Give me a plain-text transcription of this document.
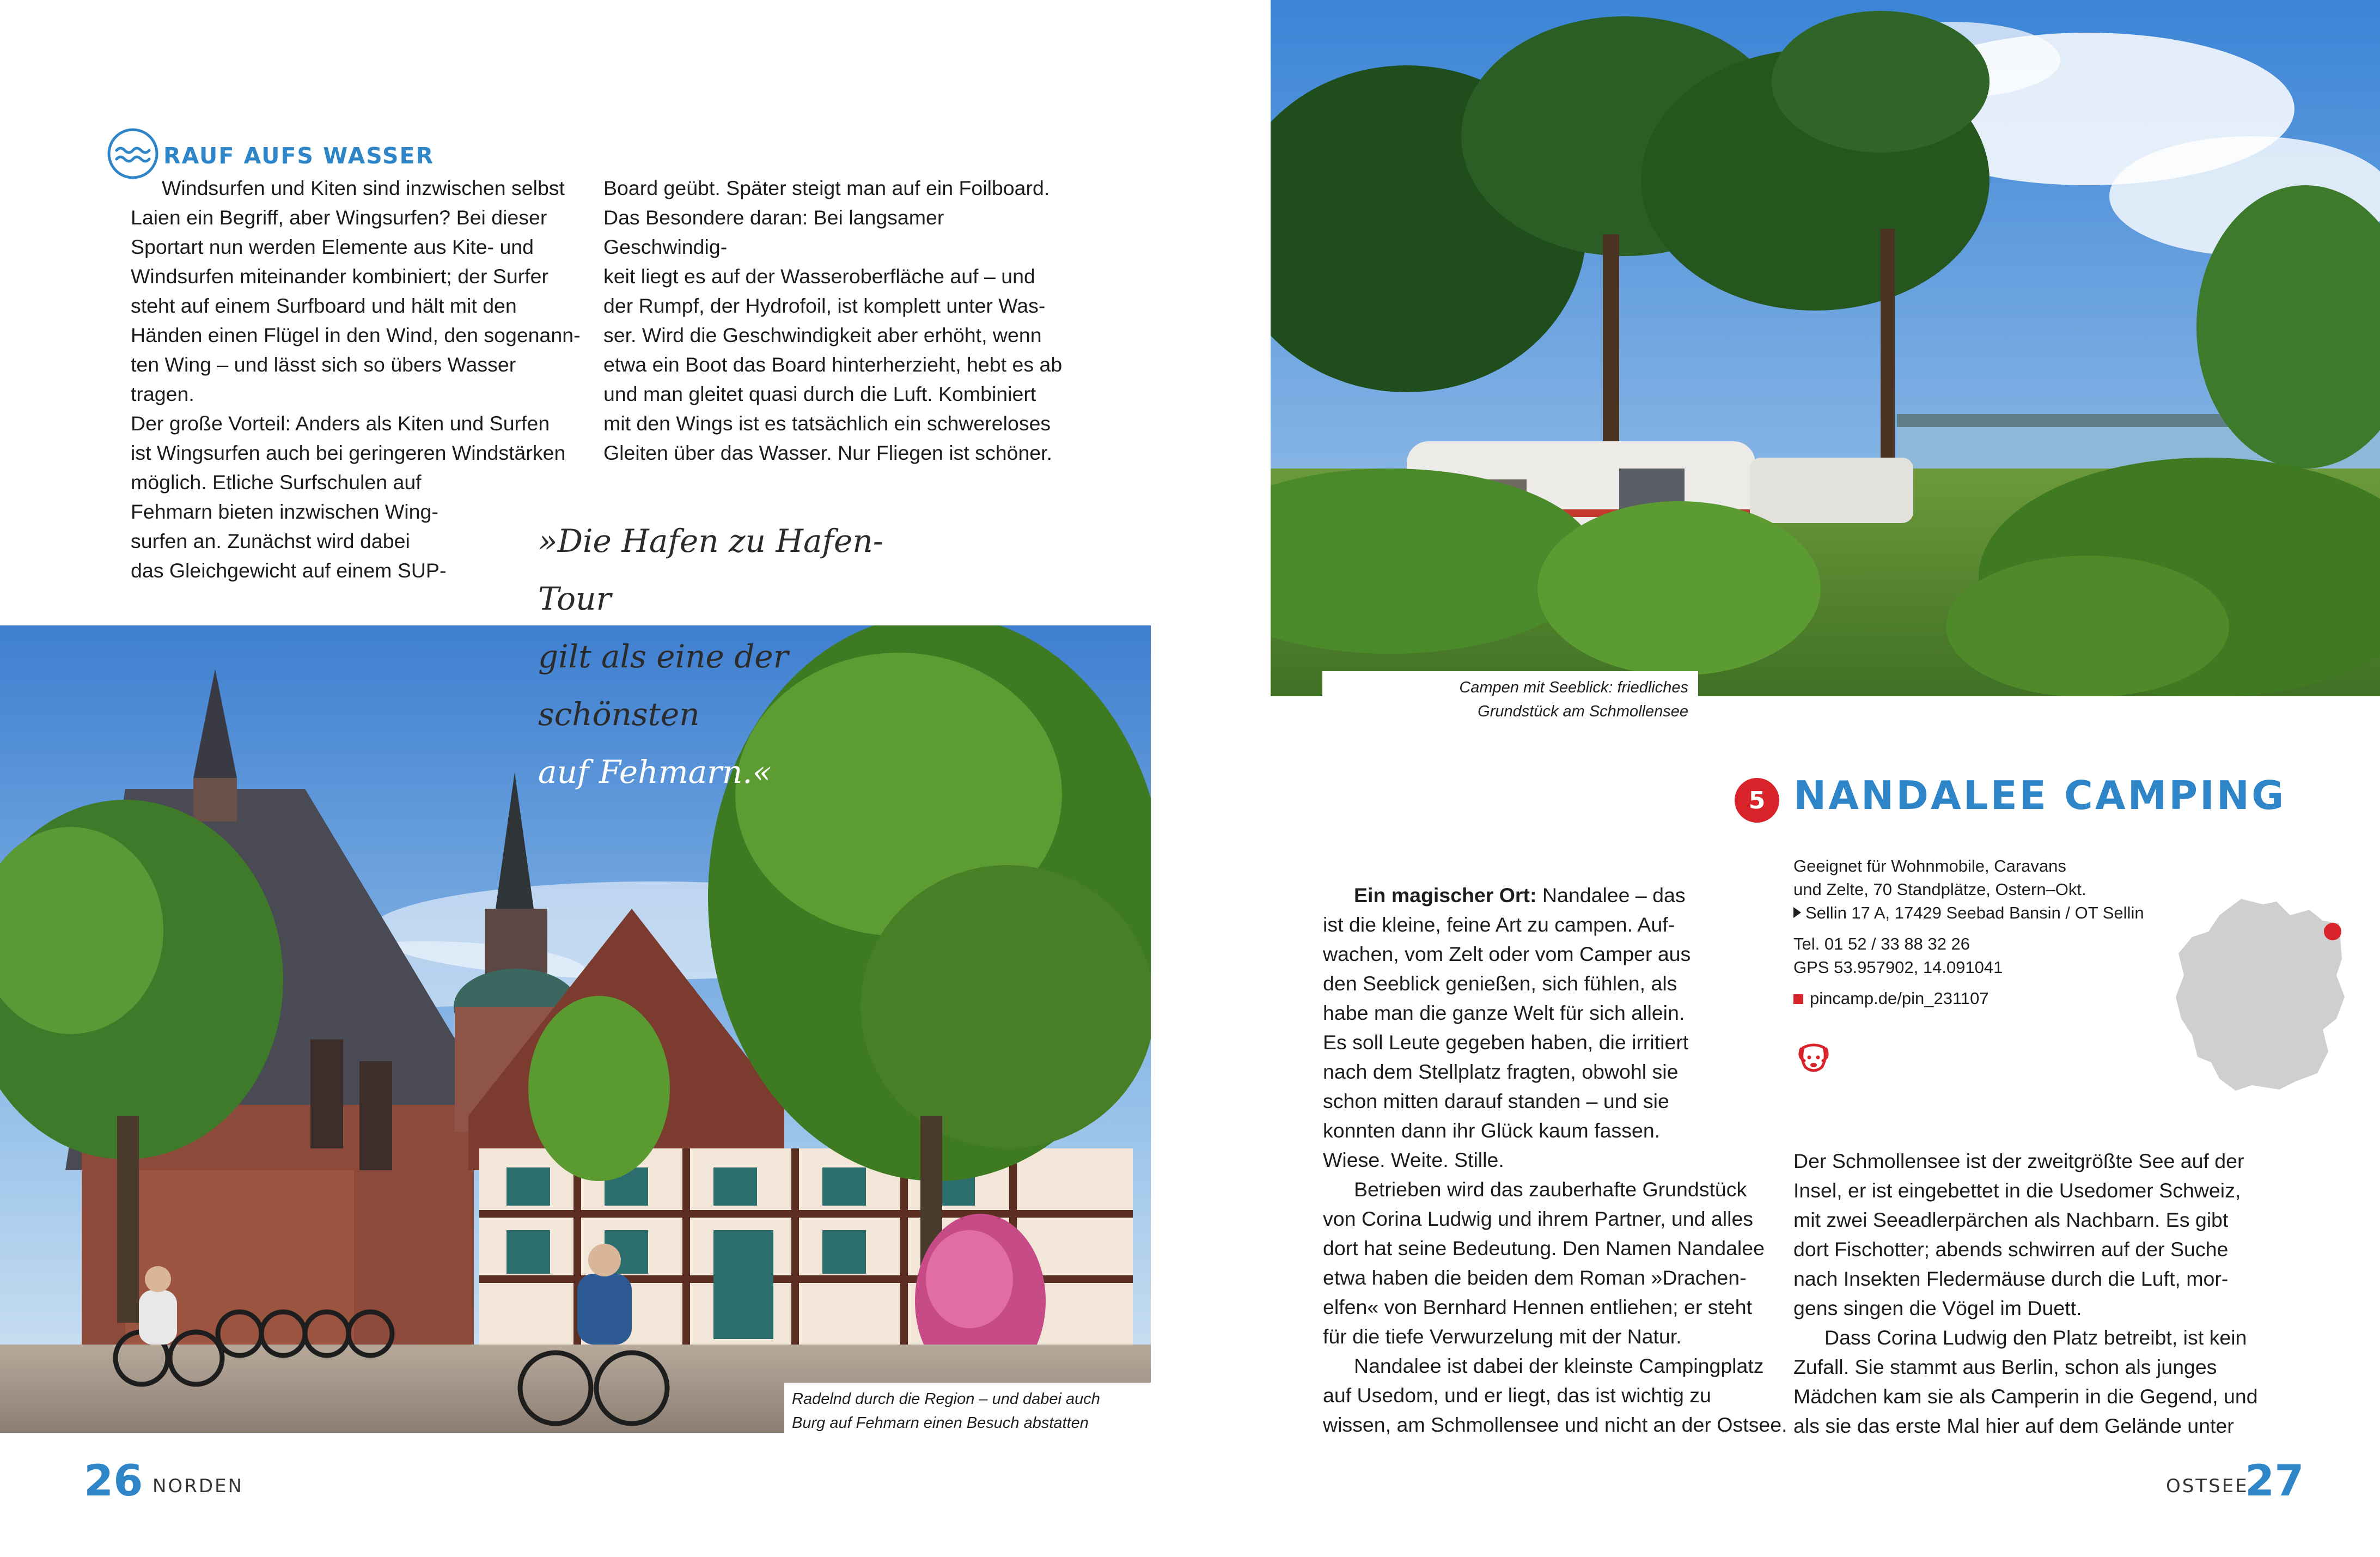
RAUF AUFS WASSER

Windsurfen und Kiten sind inzwischen selbst

Laien ein Begriff, aber Wingsurfen? Bei dieser

Sportart nun werden Elemente aus Kite- und

Windsurfen miteinander kombiniert; der Surfer

steht auf einem Surfboard und hält mit den

Händen einen Flügel in den Wind, den sogenann-

ten Wing – und lässt sich so übers Wasser tragen.

Der große Vorteil: Anders als Kiten und Surfen

ist Wingsurfen auch bei geringeren Windstärken

möglich. Etliche Surfschulen auf

Fehmarn bieten inzwischen Wing-

surfen an. Zunächst wird dabei

das Gleichgewicht auf einem SUP-

Board geübt. Später steigt man auf ein Foilboard.

Das Besondere daran: Bei langsamer Geschwindig-

keit liegt es auf der Wasseroberfläche auf – und

der Rumpf, der Hydrofoil, ist komplett unter Was-

ser. Wird die Geschwindigkeit aber erhöht, wenn

etwa ein Boot das Board hinterherzieht, hebt es ab

und man gleitet quasi durch die Luft. Kombiniert

mit den Wings ist es tatsächlich ein schwereloses

Gleiten über das Wasser. Nur Fliegen ist schöner.

»Die Hafen zu Hafen-Tour
gilt als eine der schönsten
auf Fehmarn.«
Radelnd durch die Region – und dabei auch
Burg auf Fehmarn einen Besuch abstatten
26 NORDEN
Campen mit Seeblick: friedliches
Grundstück am Schmollensee
5 NANDALEE CAMPING
Geeignet für Wohnmobile, Caravans
und Zelte, 70 Standplätze, Ostern–Okt.
Sellin 17 A, 17429 Seebad Bansin / OT Sellin
Tel. 01 52 / 33 88 32 26
GPS 53.957902, 14.091041
pincamp.de/pin_231107

Ein magischer Ort: Nandalee – das

ist die kleine, feine Art zu campen. Auf-

wachen, vom Zelt oder vom Camper aus

den Seeblick genießen, sich fühlen, als

habe man die ganze Welt für sich allein.

Es soll Leute gegeben haben, die irritiert

nach dem Stellplatz fragten, obwohl sie

schon mitten darauf standen – und sie

konnten dann ihr Glück kaum fassen.

Wiese. Weite. Stille.

Betrieben wird das zauberhafte Grundstück

von Corina Ludwig und ihrem Partner, und alles

dort hat seine Bedeutung. Den Namen Nandalee

etwa haben die beiden dem Roman »Drachen-

elfen« von Bernhard Hennen entliehen; er steht

für die tiefe Verwurzelung mit der Natur.

Nandalee ist dabei der kleinste Campingplatz

auf Usedom, und er liegt, das ist wichtig zu

wissen, am Schmollensee und nicht an der Ostsee.

Der Schmollensee ist der zweitgrößte See auf der

Insel, er ist eingebettet in die Usedomer Schweiz,

mit zwei Seeadlerpärchen als Nachbarn. Es gibt

dort Fischotter; abends schwirren auf der Suche

nach Insekten Fledermäuse durch die Luft, mor-

gens singen die Vögel im Duett.

Dass Corina Ludwig den Platz betreibt, ist kein

Zufall. Sie stammt aus Berlin, schon als junges

Mädchen kam sie als Camperin in die Gegend, und

als sie das erste Mal hier auf dem Gelände unter

OSTSEE
27
